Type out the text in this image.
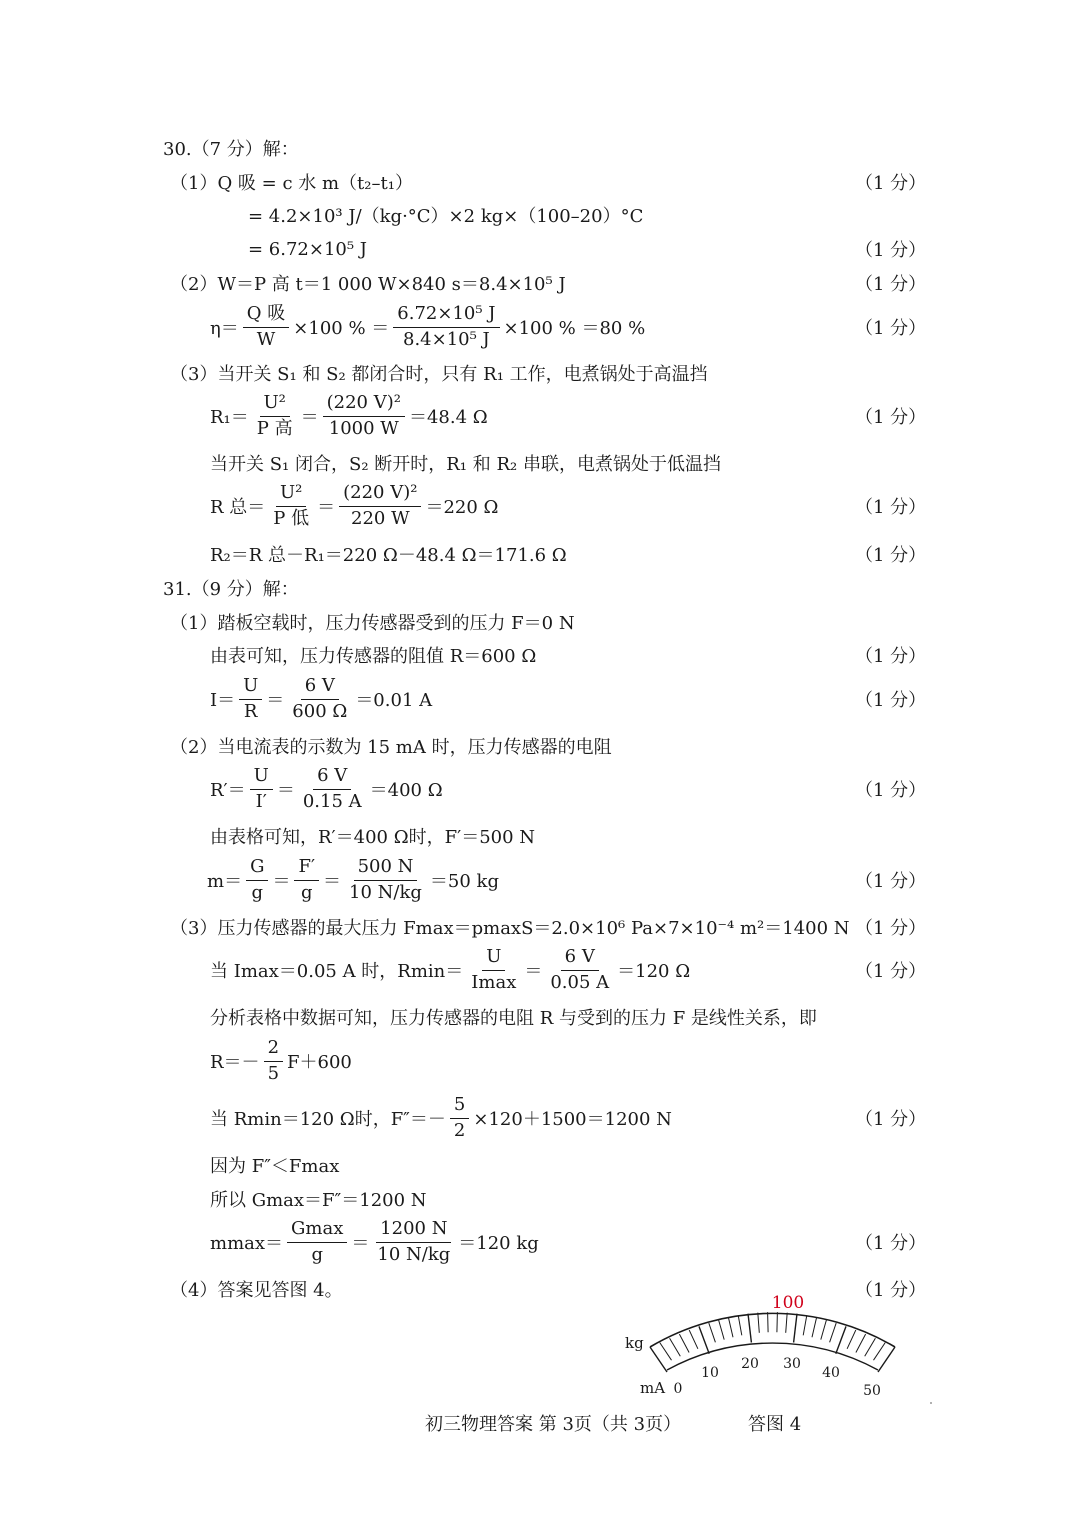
30.（7 分）解：
（1）Q 吸 = c 水 m（t₂–t₁）	（1 分）
= 4.2×10³ J/（kg·°C）×2 kg×（100–20）°C
= 6.72×10⁵ J	（1 分）
（2）W＝P 高 t＝1 000 W×840 s＝8.4×10⁵ J	（1 分）
η＝
Q 吸
W ×100 % ＝ $\frac{\text{6.72×10⁵ J}}{\text{8.4×10⁵ J}} \times 100$ % ＝80 %	（1 分）
（3）当开关 S₁ 和 S₂ 都闭合时，只有 R₁ 工作，电煮锅处于高温挡
R₁＝
U²
P 高 ＝ $\frac{\text{(220 V)²}}{1000 W} =48.4$ Ω	（1 分）
当开关 S₁ 闭合，S₂ 断开时，R₁ 和 R₂ 串联，电煮锅处于低温挡
R 总＝
U²
P 低 ＝ $\frac{\text{(220 V)²}}{220 W} =220$ Ω	（1 分）
R₂＝R 总－R₁＝220 Ω－48.4 Ω＝171.6 Ω	（1 分）
31.（9 分）解：
（1）踏板空载时，压力传感器受到的压力 F＝0 N
由表可知，压力传感器的阻值 R＝600 Ω	（1 分）
$I= \frac{U}{R} = \frac{6 V}{600 \Omega} =0.01$ A	（1 分）
（2）当电流表的示数为 15 mA 时，压力传感器的电阻
$R'= \frac{U}{I'} = \frac{6 V}{0.15 A} =400$ Ω	（1 分）
由表格可知，R′＝400 Ω时，F′＝500 N
$m= \frac{G}{g} = \frac{F'}{g} = \frac{500 N}{10 N/kg} =50$ kg	（1 分）
（3）压力传感器的最大压力 Fmax＝pmaxS＝2.0×10⁶ Pa×7×10⁻⁴ m²＝1400 N （1 分）
当 Imax＝0.05 A 时，Rmin＝
U
$Imax = \frac{6 V}{0.05 A} =120$ Ω	（1 分）
分析表格中数据可知，压力传感器的电阻 R 与受到的压力 F 是线性关系，即
$R=- \frac{2}{5} F+600$
当 Rmin＝120 Ω时，$F''=- \frac{5}{2} \times 120+1500=1200$ N	（1 分）
因为 F″＜Fmax
所以 Gmax＝F″＝1200 N
mmax＝
Gmax
$g = \frac{1200 N}{10 N/kg} =120$ kg	（1 分）
（4）答案见答图 4。	（1 分）
kg
mA
100
0
10
20 30
40
50
初三物理答案 第 3页（共 3页）	答图 4
